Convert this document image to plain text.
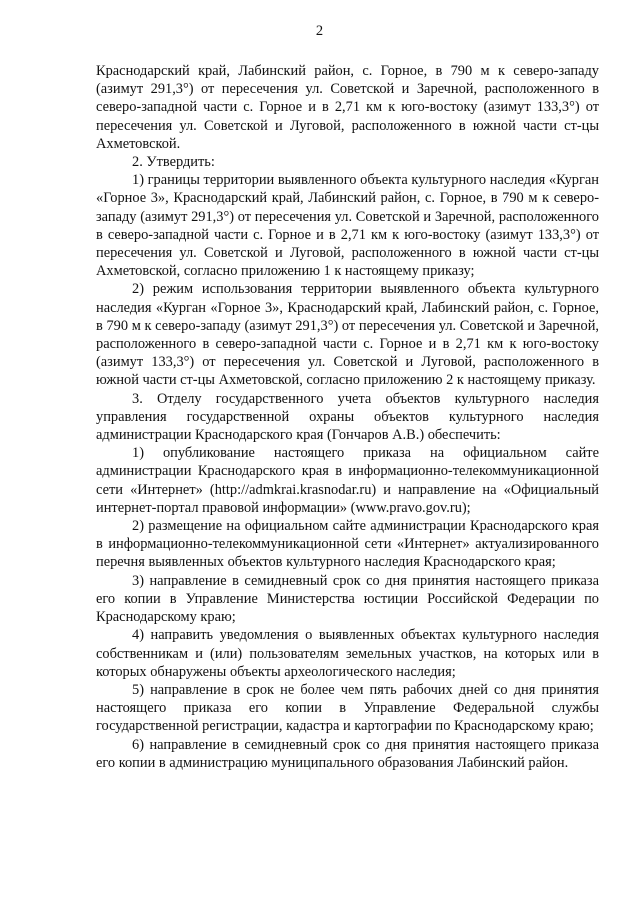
2

Краснодарский край, Лабинский район, с. Горное, в 790 м к северо-западу (азимут 291,3°) от пересечения ул. Советской и Заречной, расположенного в северо-западной части с. Горное и в 2,71 км к юго-востоку (азимут 133,3°) от пересечения ул. Советской и Луговой, расположенного в южной части ст-цы Ахметовской.

2. Утвердить:

1) границы территории выявленного объекта культурного наследия «Курган «Горное 3», Краснодарский край, Лабинский район, с. Горное, в 790 м к северо-западу (азимут 291,3°) от пересечения ул. Советской и Заречной, расположенного в северо-западной части с. Горное и в 2,71 км к юго-востоку (азимут 133,3°) от пересечения ул. Советской и Луговой, расположенного в южной части ст-цы Ахметовской, согласно приложению 1 к настоящему приказу;

2) режим использования территории выявленного объекта культурного наследия «Курган «Горное 3», Краснодарский край, Лабинский район, с. Горное, в 790 м к северо-западу (азимут 291,3°) от пересечения ул. Советской и Заречной, расположенного в северо-западной части с. Горное и в 2,71 км к юго-востоку (азимут 133,3°) от пересечения ул. Советской и Луговой, расположенного в южной части ст-цы Ахметовской, согласно приложению 2 к настоящему приказу.

3. Отделу государственного учета объектов культурного наследия управления государственной охраны объектов культурного наследия администрации Краснодарского края (Гончаров А.В.) обеспечить:

1) опубликование настоящего приказа на официальном сайте администрации Краснодарского края в информационно-телекоммуникационной сети «Интернет» (http://admkrai.krasnodar.ru) и направление на «Официальный интернет-портал правовой информации» (www.pravo.gov.ru);

2) размещение на официальном сайте администрации Краснодарского края в информационно-телекоммуникационной сети «Интернет» актуализированного перечня выявленных объектов культурного наследия Краснодарского края;

3) направление в семидневный срок со дня принятия настоящего приказа его копии в Управление Министерства юстиции Российской Федерации по Краснодарскому краю;

4) направить уведомления о выявленных объектах культурного наследия собственникам и (или) пользователям земельных участков, на которых или в которых обнаружены объекты археологического наследия;

5) направление в срок не более чем пять рабочих дней со дня принятия настоящего приказа его копии в Управление Федеральной службы государственной регистрации, кадастра и картографии по Краснодарскому краю;

6) направление в семидневный срок со дня принятия настоящего приказа его копии в администрацию муниципального образования Лабинский район.
